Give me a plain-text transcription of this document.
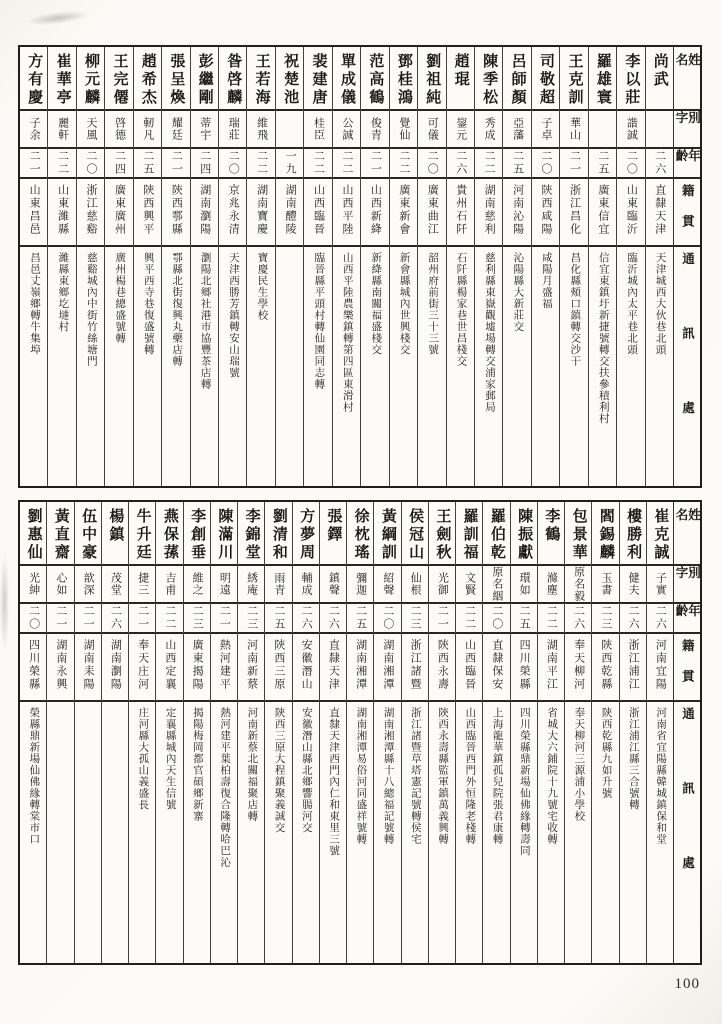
姓名
別字
年齡
籍貫
通訊處
尚武
二六
直隸天津
天津城西大伙巷北頭
李以莊
諧誠
二〇
山東臨沂
臨沂城內太平巷北頭
羅雄寰
二五
廣東信宜
信宜東鎮圩新捷號轉交扶參積利村
王克訓
華山
二一
浙江昌化
昌化縣頰口鎮轉交沙干
司敬超
子卓
二〇
陝西咸陽
咸陽月盛福
呂師顏
亞藩
二五
河南沁陽
沁陽縣大新莊交
陳季松
秀成
二二
湖南慈利
慈利縣東嶽觀墟場轉交浦家郵局
趙琨
鋆元
二六
貴州石阡
石阡縣楊家巷世昌棧交
劉祖純
可儀
二〇
廣東曲江
韶州府前街三十三號
鄧桂鴻
覺仙
二二
廣東新會
新會縣城內世興棧交
范高鶴
俊青
二一
山西新絳
新絳縣南關福盛棧交
單成儀
公誠
二二
山西平陸
山西平陸農樂鎮轉第四區東滑村
裴建唐
桂臣
二二
山西臨晉
臨晉縣平頭村轉仙園同志轉
祝楚池
一九
湖南醴陵
王若海
維飛
二二
湖南寶慶
寶慶民生學校
昝啓麟
瑞莊
二〇
京兆永清
天津西勝芳鎮轉安山瑞號
彭繼剛
蒂宇
二四
湖南瀏陽
瀏陽北鄉社港市協豐茶店轉
張呈煥
耀廷
二一
陝西鄠縣
鄠縣北街復興丸藥店轉
趙希杰
軔凡
二五
陝西興平
興平西寺巷復盛號轉
王完僊
啓德
二四
廣東廣州
廣州楊巷總盛號轉
柳元麟
天風
二〇
浙江慈谿
慈谿城內中街竹絲塘門
崔華亭
麗軒
二二
山東濰縣
濰縣東鄉圪墶村
方有慶
子余
二一
山東昌邑
昌邑丈嶺鄉轉牛集埠
姓名
別字
年齡
籍貫
通訊處
崔克誠
子實
二六
河南宜陽
河南省宜陽縣韓城鎮保和堂
樓勝利
健夫
二六
浙江浦江
浙江浦江縣三合號轉
閻錫麟
玉書
二三
陝西乾縣
陝西乾縣九如升號
包景華
原名毅
二六
奉天柳河
奉天柳河三源浦小學校
李鶴
滌塵
二二
湖南平江
省城大六鋪院十九號宅收轉
陳振獻
環如
二五
四川榮縣
四川榮縣鼎新場仙佛緣轉壽同
羅伯乾
原名絪
二〇
直隸保安
上海龍華鎮孤兒院張君康轉
羅訓福
文賢
二二
山西臨晉
山西臨晉西門外恒隆老棧轉
王劍秋
光御
二一
陝西永壽
陝西永壽縣監軍鎮萬義興轉
侯冠山
仙根
二三
浙江諸暨
浙江諸暨草塔憲記號轉侯宅
黃綱訓
紹聲
二〇
湖南湘潭
湖南湘潭縣十八總福記號轉
徐枕瑤
彌迦
二五
湖南湘潭
湖南湘潭易俗河同盛祥號轉
張鐸
鎮聲
二六
直隸天津
直隸天津西門內仁和東里三號
方夢周
輔成
二六
安徽潛山
安徽潛山縣北鄉響腸河交
劉清和
雨青
二五
陝西三原
陝西三原大程鎮聚義誠交
李錦堂
綉庵
二三
河南新蔡
河南新蔡北關福聚店轉
陳滿川
明遠
二一
熱河建平
熱河建平葉柏壽復合隆轉哈巴沁
李創垂
維之
二三
廣東揭陽
揭陽梅岡都官碩鄉新寨
燕保蓀
吉甫
二二
山西定襄
定襄縣城內天生信號
牛升廷
捷三
二一
奉天庄河
庄河縣大孤山義盛長
楊鎮
茂堂
二六
湖南瀏陽
伍中豪
歆深
二一
湖南耒陽
黃直齋
心如
二一
湖南永興
劉惠仙
光紳
二〇
四川榮縣
榮縣鼎新場仙佛緣轉棠市口
100
